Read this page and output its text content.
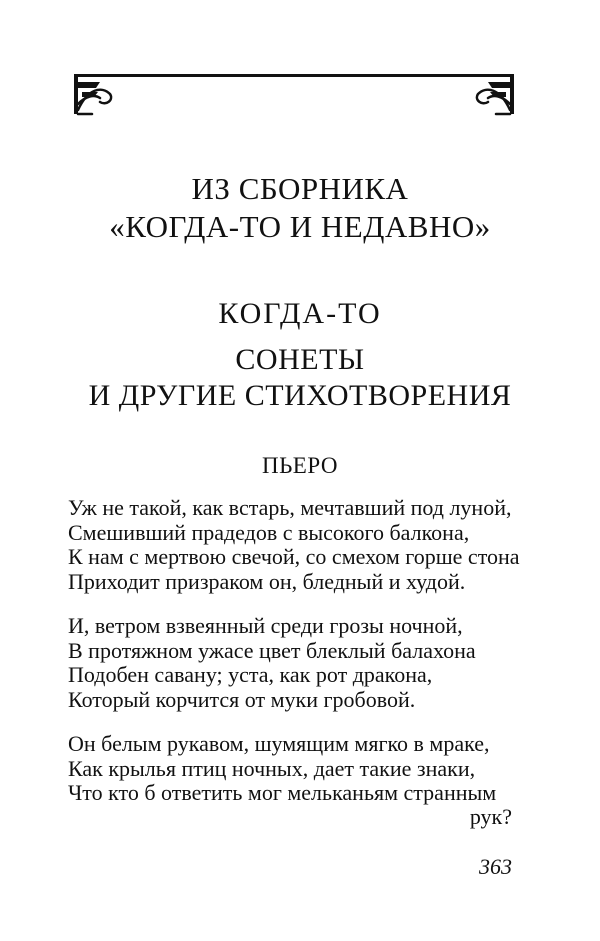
ИЗ СБОРНИКА
«КОГДА-ТО И НЕДАВНО»
КОГДА-ТО
СОНЕТЫ
И ДРУГИЕ СТИХОТВОРЕНИЯ
ПЬЕРО
Уж не такой, как встарь, мечтавший под луной,
Смешивший прадедов с высокого балкона,
К нам с мертвою свечой, со смехом горше стона
Приходит призраком он, бледный и худой.
И, ветром взвеянный среди грозы ночной,
В протяжном ужасе цвет блеклый балахона
Подобен савану; уста, как рот дракона,
Который корчится от муки гробовой.
Он белым рукавом, шумящим мягко в мраке,
Как крылья птиц ночных, дает такие знаки,
Что кто б ответить мог мельканьям странным
рук?
363
